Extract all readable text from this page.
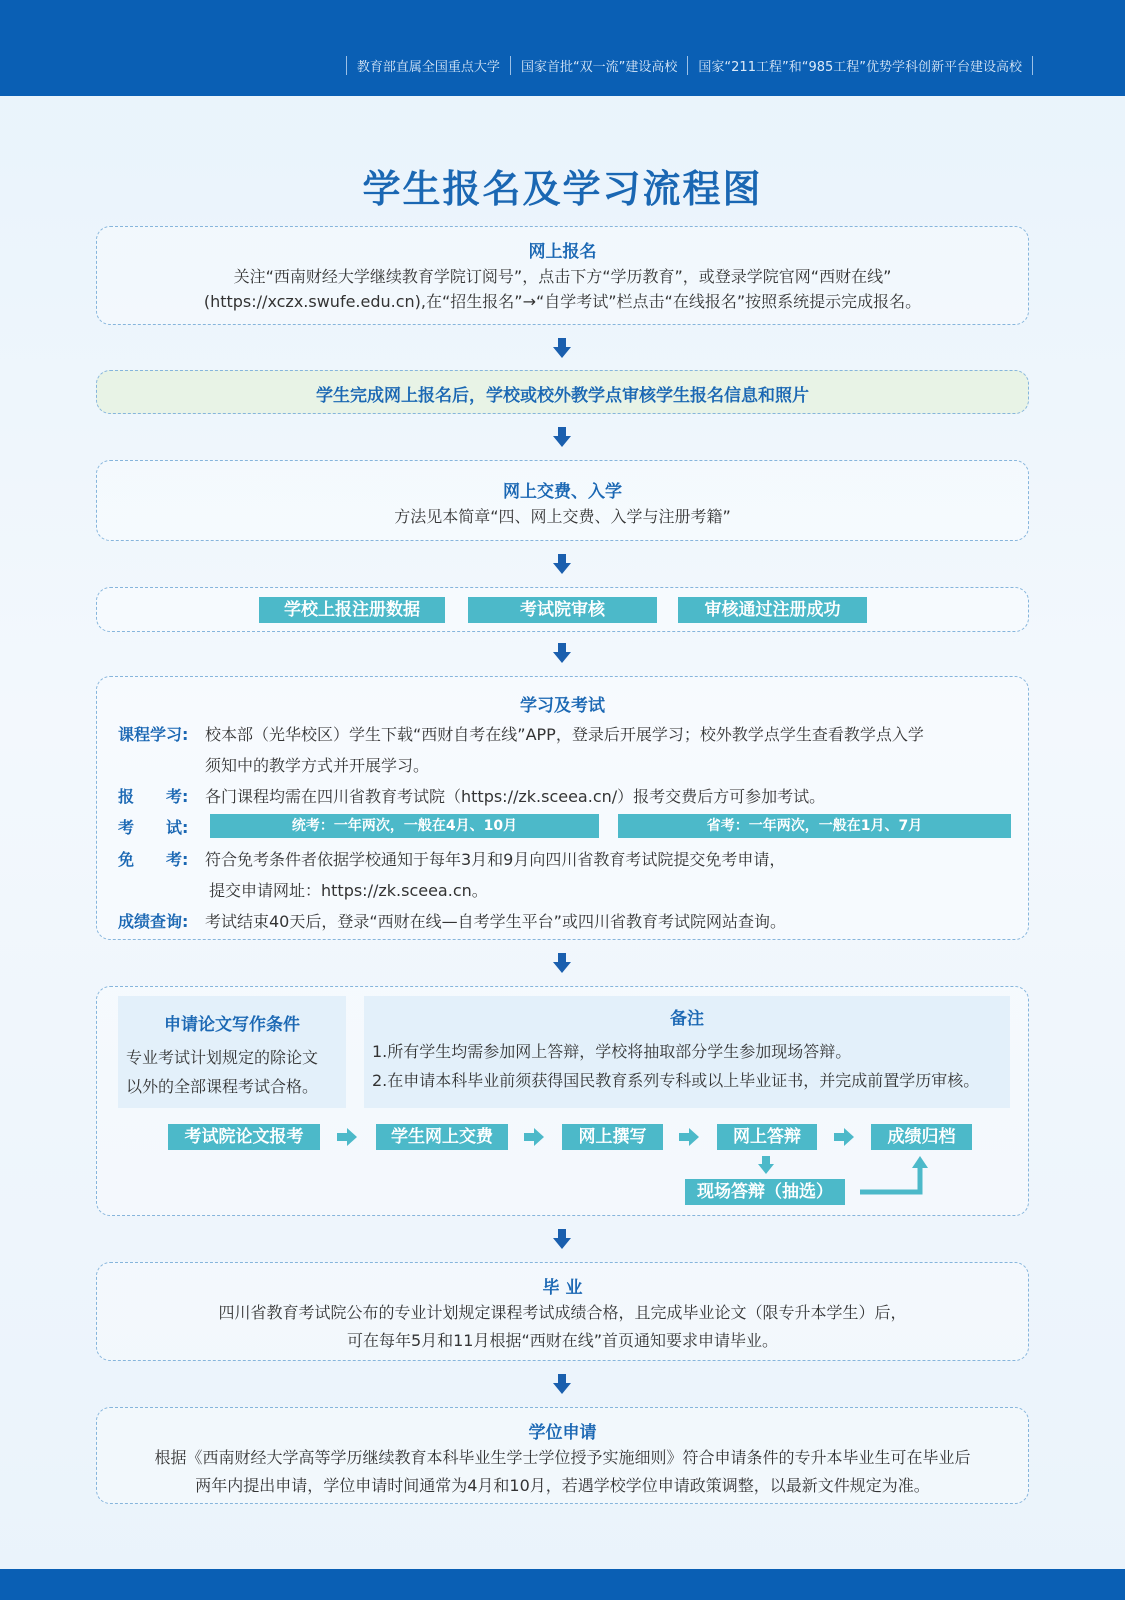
教育部直属全国重点大学	国家首批“双一流”建设高校	国家“211工程”和“985工程”优势学科创新平台建设高校
学生报名及学习流程图
网上报名
关注“西南财经大学继续教育学院订阅号”，点击下方“学历教育”，或登录学院官网“西财在线”
(https://xczx.swufe.edu.cn),在“招生报名”→“自学考试”栏点击“在线报名”按照系统提示完成报名。
学生完成网上报名后，学校或校外教学点审核学生报名信息和照片
网上交费、入学
方法见本简章“四、网上交费、入学与注册考籍”
学校上报注册数据	考试院审核	审核通过注册成功
学习及考试
课程学习: 校本部（光华校区）学生下载“西财自考在线”APP，登录后开展学习；校外教学点学生查看教学点入学
须知中的教学方式并开展学习。
报　　考: 各门课程均需在四川省教育考试院（https://zk.sceea.cn/）报考交费后方可参加考试。
考　　试:	统考：一年两次，一般在4月、10月	省考：一年两次，一般在1月、7月
免　　考: 符合免考条件者依据学校通知于每年3月和9月向四川省教育考试院提交免考申请，
提交申请网址：https://zk.sceea.cn。
成绩查询: 考试结束40天后，登录“西财在线—自考学生平台”或四川省教育考试院网站查询。
申请论文写作条件
专业考试计划规定的除论文
以外的全部课程考试合格。
备注
1.所有学生均需参加网上答辩，学校将抽取部分学生参加现场答辩。
2.在申请本科毕业前须获得国民教育系列专科或以上毕业证书，并完成前置学历审核。
考试院论文报考	学生网上交费	网上撰写	网上答辩	成绩归档
现场答辩（抽选）
毕 业
四川省教育考试院公布的专业计划规定课程考试成绩合格，且完成毕业论文（限专升本学生）后，
可在每年5月和11月根据“西财在线”首页通知要求申请毕业。
学位申请
根据《西南财经大学高等学历继续教育本科毕业生学士学位授予实施细则》符合申请条件的专升本毕业生可在毕业后
两年内提出申请，学位申请时间通常为4月和10月，若遇学校学位申请政策调整，以最新文件规定为准。
